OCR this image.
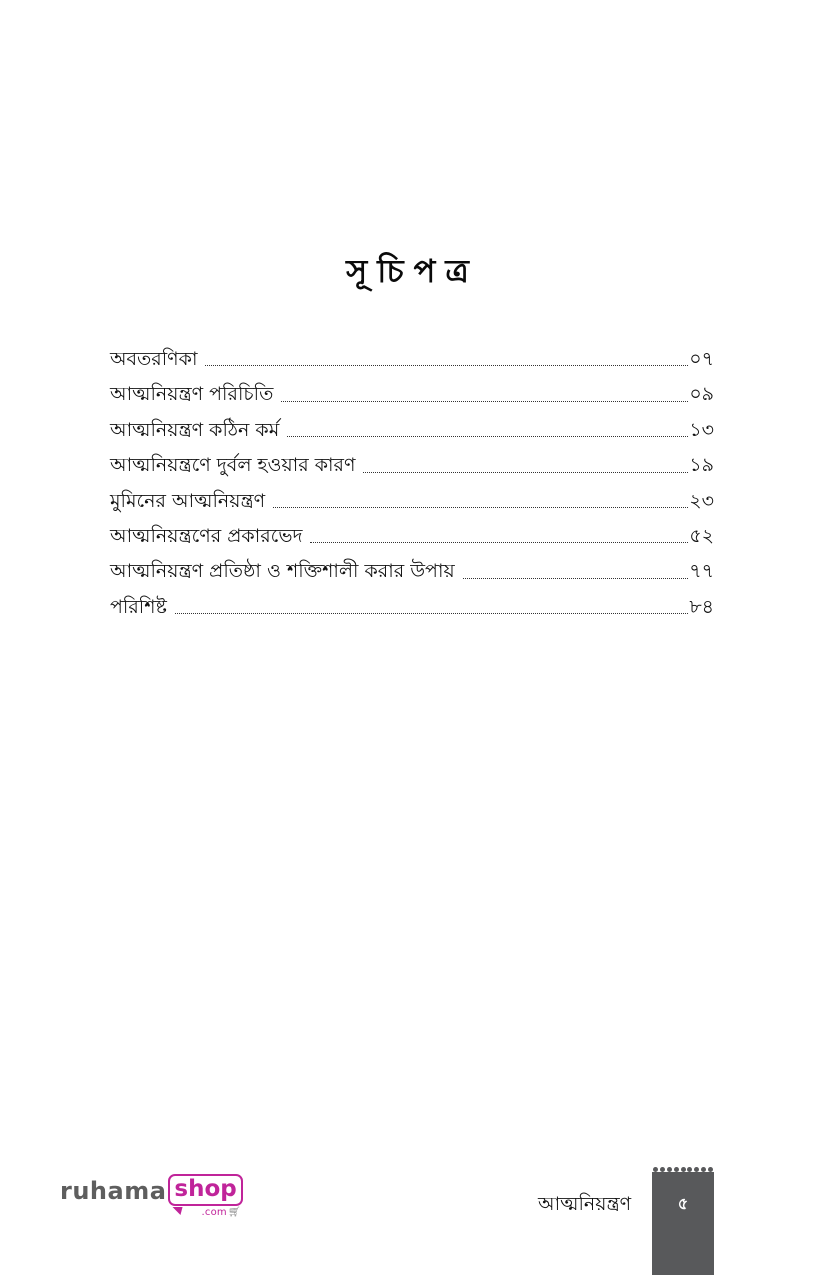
সূচিপত্র
অবতরণিকা	০৭
আত্মনিয়ন্ত্রণ পরিচিতি	০৯
আত্মনিয়ন্ত্রণ কঠিন কর্ম	১৩
আত্মনিয়ন্ত্রণে দুর্বল হওয়ার কারণ	১৯
মুমিনের আত্মনিয়ন্ত্রণ	২৩
আত্মনিয়ন্ত্রণের প্রকারভেদ	৫২
আত্মনিয়ন্ত্রণ প্রতিষ্ঠা ও শক্তিশালী করার উপায়	৭৭
পরিশিষ্ট	৮৪
ruhama shop
.com🛒︎	আত্মনিয়ন্ত্রণ	৫
